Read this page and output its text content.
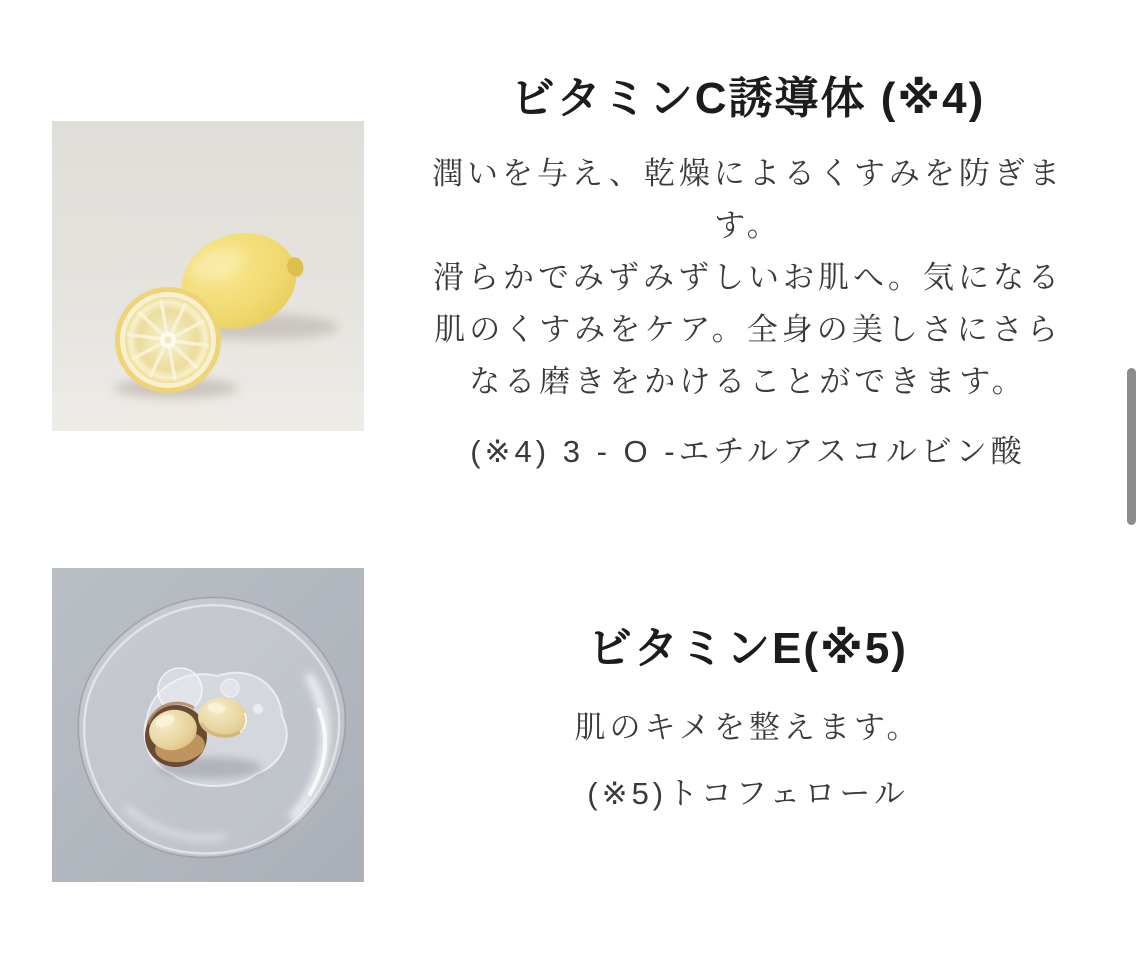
ビタミンC誘導体 (※4)
潤いを与え、乾燥によるくすみを防ぎま
す。
滑らかでみずみずしいお肌へ。気になる
肌のくすみをケア。全身の美しさにさら
なる磨きをかけることができます。
(※4) 3 - O -エチルアスコルビン酸
ビタミンE(※5)
肌のキメを整えます。
(※5)トコフェロール
